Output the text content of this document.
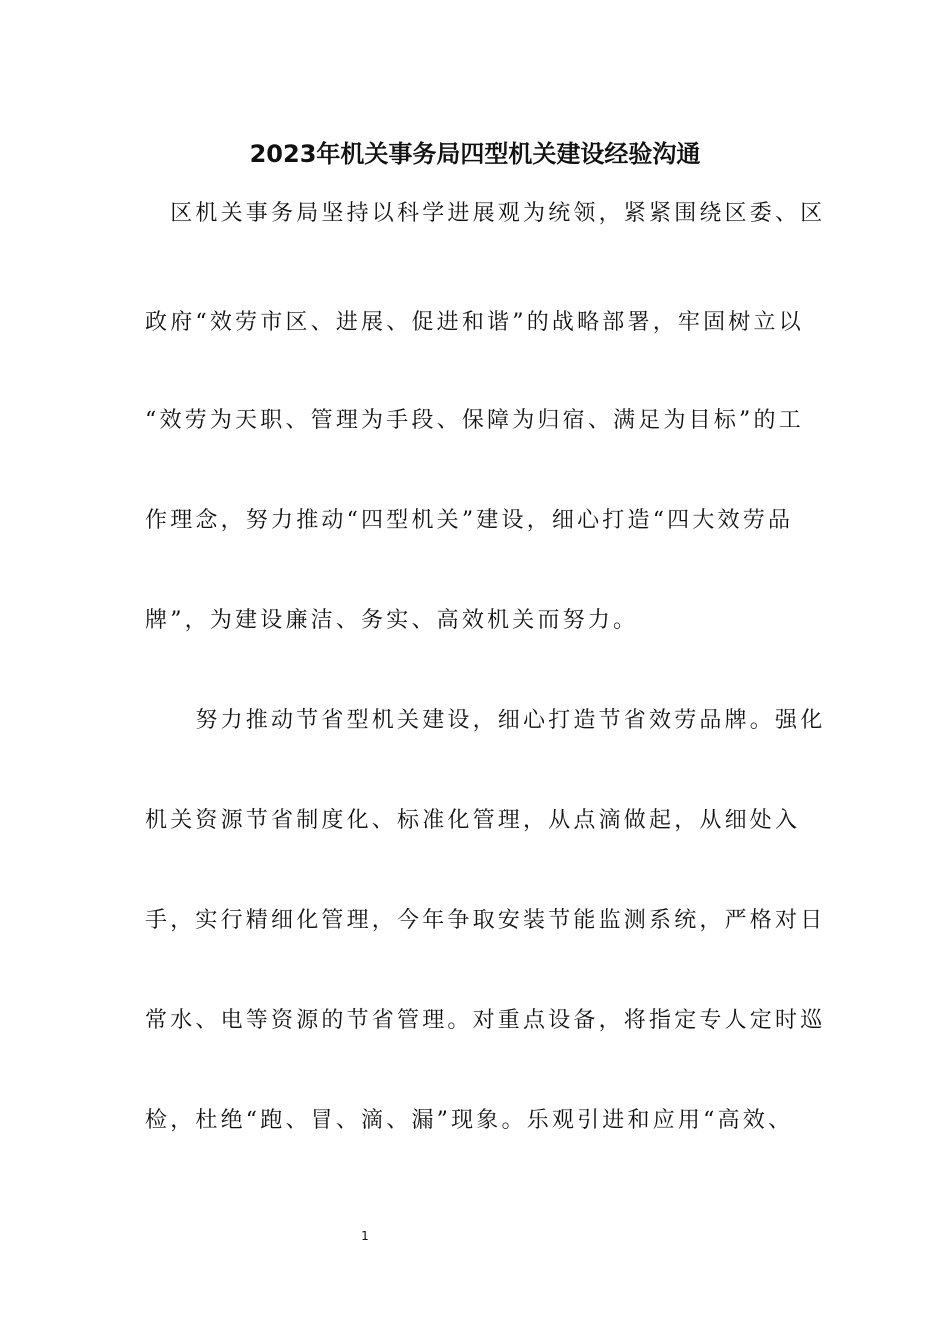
2023年机关事务局四型机关建设经验沟通
　区机关事务局坚持以科学进展观为统领，紧紧围绕区委、区
政府“效劳市区、进展、促进和谐”的战略部署，牢固树立以
“效劳为天职、管理为手段、保障为归宿、满足为目标”的工
作理念，努力推动“四型机关”建设，细心打造“四大效劳品
牌”，为建设廉洁、务实、高效机关而努力。
　　努力推动节省型机关建设，细心打造节省效劳品牌。强化
机关资源节省制度化、标准化管理，从点滴做起，从细处入
手，实行精细化管理，今年争取安装节能监测系统，严格对日
常水、电等资源的节省管理。对重点设备，将指定专人定时巡
检，杜绝“跑、冒、滴、漏”现象。乐观引进和应用“高效、
1
